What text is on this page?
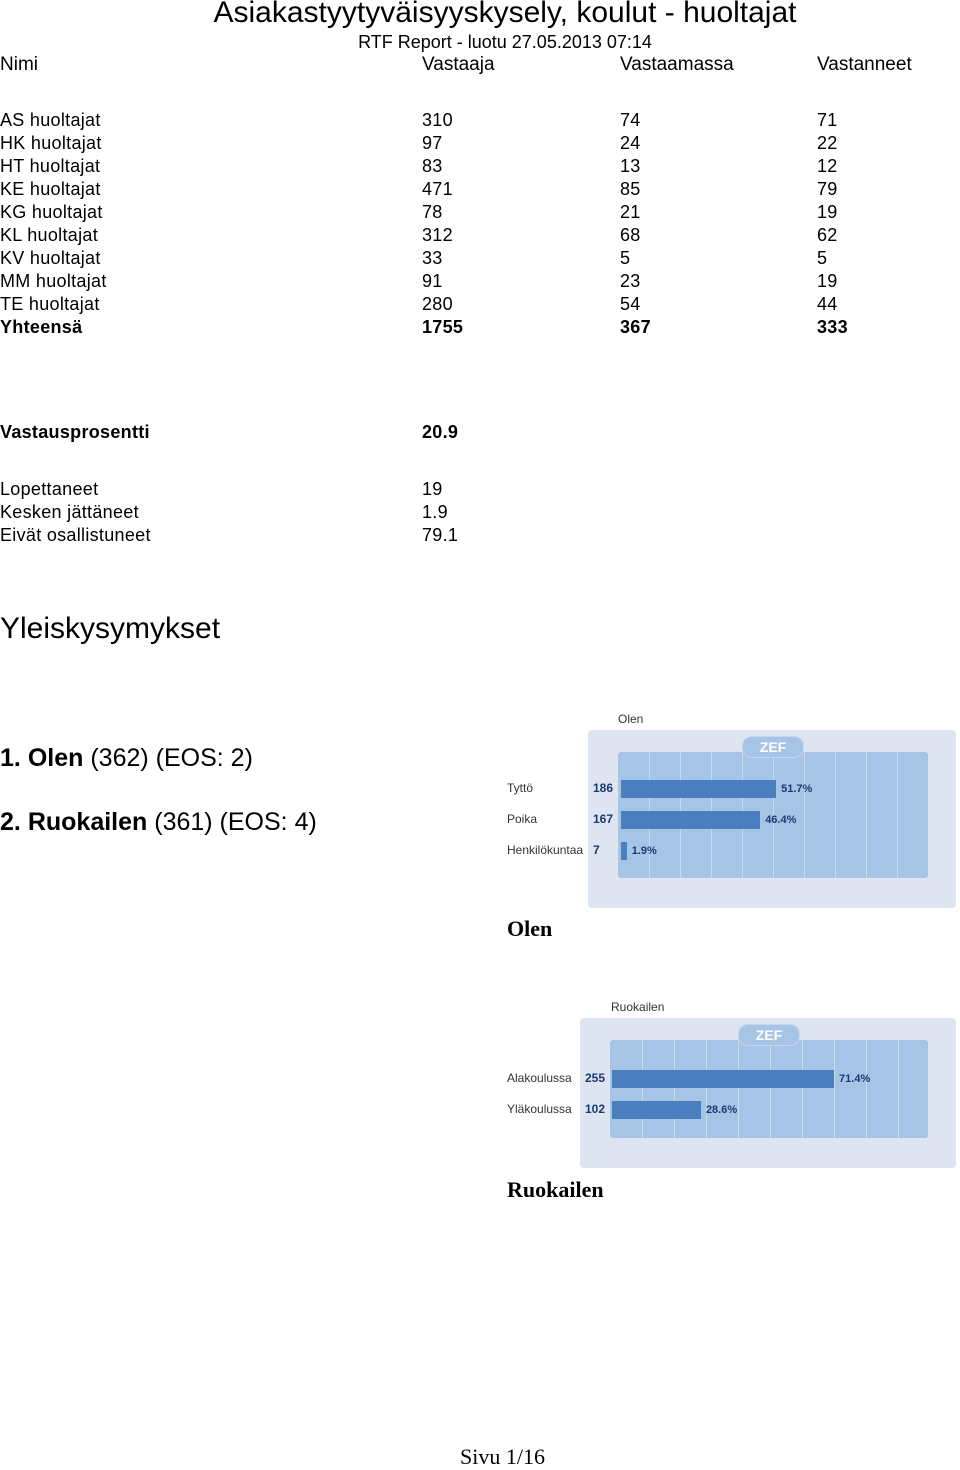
Asiakastyytyväisyyskysely, koulut - huoltajat
RTF Report - luotu 27.05.2013 07:14
Nimi	Vastaaja	Vastaamassa	Vastanneet
AS huoltajat	310	74	71
HK huoltajat	97	24	22
HT huoltajat	83	13	12
KE huoltajat	471	85	79
KG huoltajat	78	21	19
KL huoltajat	312	68	62
KV huoltajat	33	5	5
MM huoltajat	91	23	19
TE huoltajat	280	54	44
Yhteensä	1755	367	333
Vastausprosentti	20.9
Lopettaneet	19
Kesken jättäneet	1.9
Eivät osallistuneet	79.1
Yleiskysymykset
1. Olen (362) (EOS: 2)
2. Ruokailen (361) (EOS: 4)
Olen
ZEF
Tyttö	186	51.7%
Poika	167	46.4%
Henkilökuntaa 7	1.9%
Olen
Ruokailen
ZEF
Alakoulussa 255	71.4%
Yläkoulussa 102	28.6%
Ruokailen
Sivu 1/16
